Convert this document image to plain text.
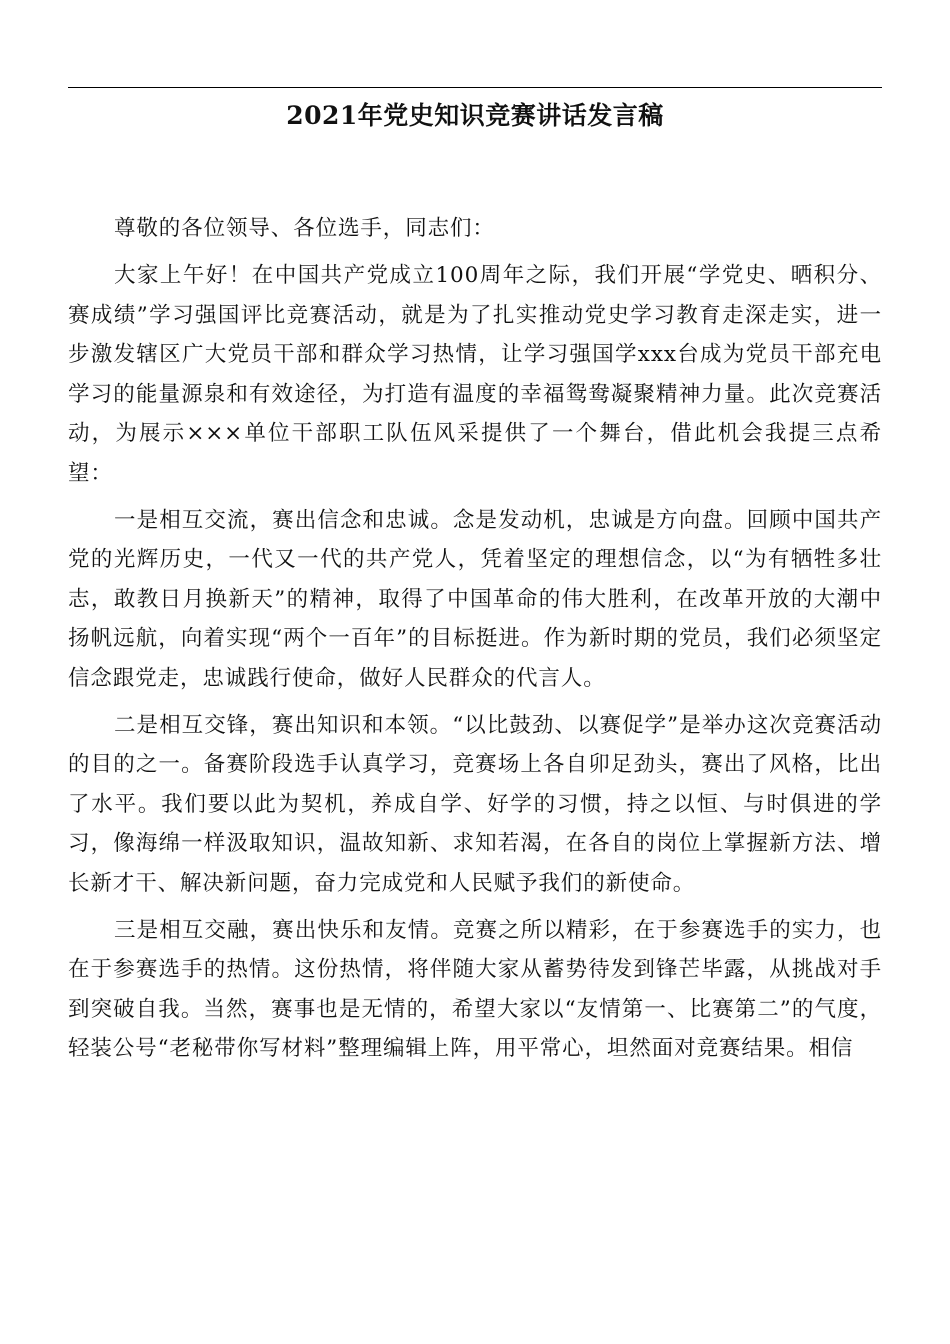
2021年党史知识竞赛讲话发言稿

尊敬的各位领导、各位选手，同志们：

大家上午好！在中国共产党成立100周年之际，我们开展“学党史、晒积分、赛成绩”学习强国评比竞赛活动，就是为了扎实推动党史学习教育走深走实，进一步激发辖区广大党员干部和群众学习热情，让学习强国学xxx台成为党员干部充电学习的能量源泉和有效途径，为打造有温度的幸福鸳鸯凝聚精神力量。此次竞赛活动，为展示×××单位干部职工队伍风采提供了一个舞台，借此机会我提三点希望：

一是相互交流，赛出信念和忠诚。念是发动机，忠诚是方向盘。回顾中国共产党的光辉历史，一代又一代的共产党人，凭着坚定的理想信念，以“为有牺牲多壮志，敢教日月换新天”的精神，取得了中国革命的伟大胜利，在改革开放的大潮中扬帆远航，向着实现“两个一百年”的目标挺进。作为新时期的党员，我们必须坚定信念跟党走，忠诚践行使命，做好人民群众的代言人。

二是相互交锋，赛出知识和本领。“以比鼓劲、以赛促学”是举办这次竞赛活动的目的之一。备赛阶段选手认真学习，竞赛场上各自卯足劲头，赛出了风格，比出了水平。我们要以此为契机，养成自学、好学的习惯，持之以恒、与时俱进的学习，像海绵一样汲取知识，温故知新、求知若渴，在各自的岗位上掌握新方法、增长新才干、解决新问题，奋力完成党和人民赋予我们的新使命。

三是相互交融，赛出快乐和友情。竞赛之所以精彩，在于参赛选手的实力，也在于参赛选手的热情。这份热情，将伴随大家从蓄势待发到锋芒毕露，从挑战对手到突破自我。当然，赛事也是无情的，希望大家以“友情第一、比赛第二”的气度，轻装公号“老秘带你写材料”整理编辑上阵，用平常心，坦然面对竞赛结果。相信
